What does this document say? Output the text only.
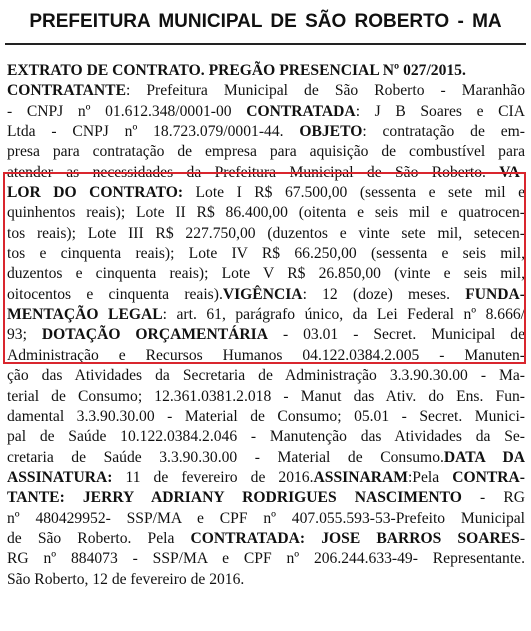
PREFEITURA MUNICIPAL DE SÃO ROBERTO - MA
EXTRATO DE CONTRATO. PREGÃO PRESENCIAL Nº 027/2015.
CONTRATANTE: Prefeitura Municipal de São Roberto - Maranhão
- CNPJ nº 01.612.348/0001-00 CONTRATADA: J B Soares e CIA
Ltda - CNPJ nº 18.723.079/0001-44. OBJETO: contratação de em-
presa para contratação de empresa para aquisição de combustível para
atender as necessidades da Prefeitura Municipal de São Roberto. VA-
LOR DO CONTRATO: Lote I R$ 67.500,00 (sessenta e sete mil e
quinhentos reais); Lote II R$ 86.400,00 (oitenta e seis mil e quatrocen-
tos reais); Lote III R$ 227.750,00 (duzentos e vinte sete mil, setecen-
tos e cinquenta reais); Lote IV R$ 66.250,00 (sessenta e seis mil,
duzentos e cinquenta reais); Lote V R$ 26.850,00 (vinte e seis mil,
oitocentos e cinquenta reais).VIGÊNCIA: 12 (doze) meses. FUNDA-
MENTAÇÃO LEGAL: art. 61, parágrafo único, da Lei Federal nº 8.666/
93; DOTAÇÃO ORÇAMENTÁRIA - 03.01 - Secret. Municipal de
Administração e Recursos Humanos 04.122.0384.2.005 - Manuten-
ção das Atividades da Secretaria de Administração 3.3.90.30.00 - Ma-
terial de Consumo; 12.361.0381.2.018 - Manut das Ativ. do Ens. Fun-
damental 3.3.90.30.00 - Material de Consumo; 05.01 - Secret. Munici-
pal de Saúde 10.122.0384.2.046 - Manutenção das Atividades da Se-
cretaria de Saúde 3.3.90.30.00 - Material de Consumo.DATA DA
ASSINATURA: 11 de fevereiro de 2016.ASSINARAM:Pela CONTRA-
TANTE: JERRY ADRIANY RODRIGUES NASCIMENTO - RG
nº 480429952- SSP/MA e CPF nº 407.055.593-53-Prefeito Municipal
de São Roberto. Pela CONTRATADA: JOSE BARROS SOARES-
RG nº 884073 - SSP/MA e CPF nº 206.244.633-49- Representante.
São Roberto, 12 de fevereiro de 2016.
